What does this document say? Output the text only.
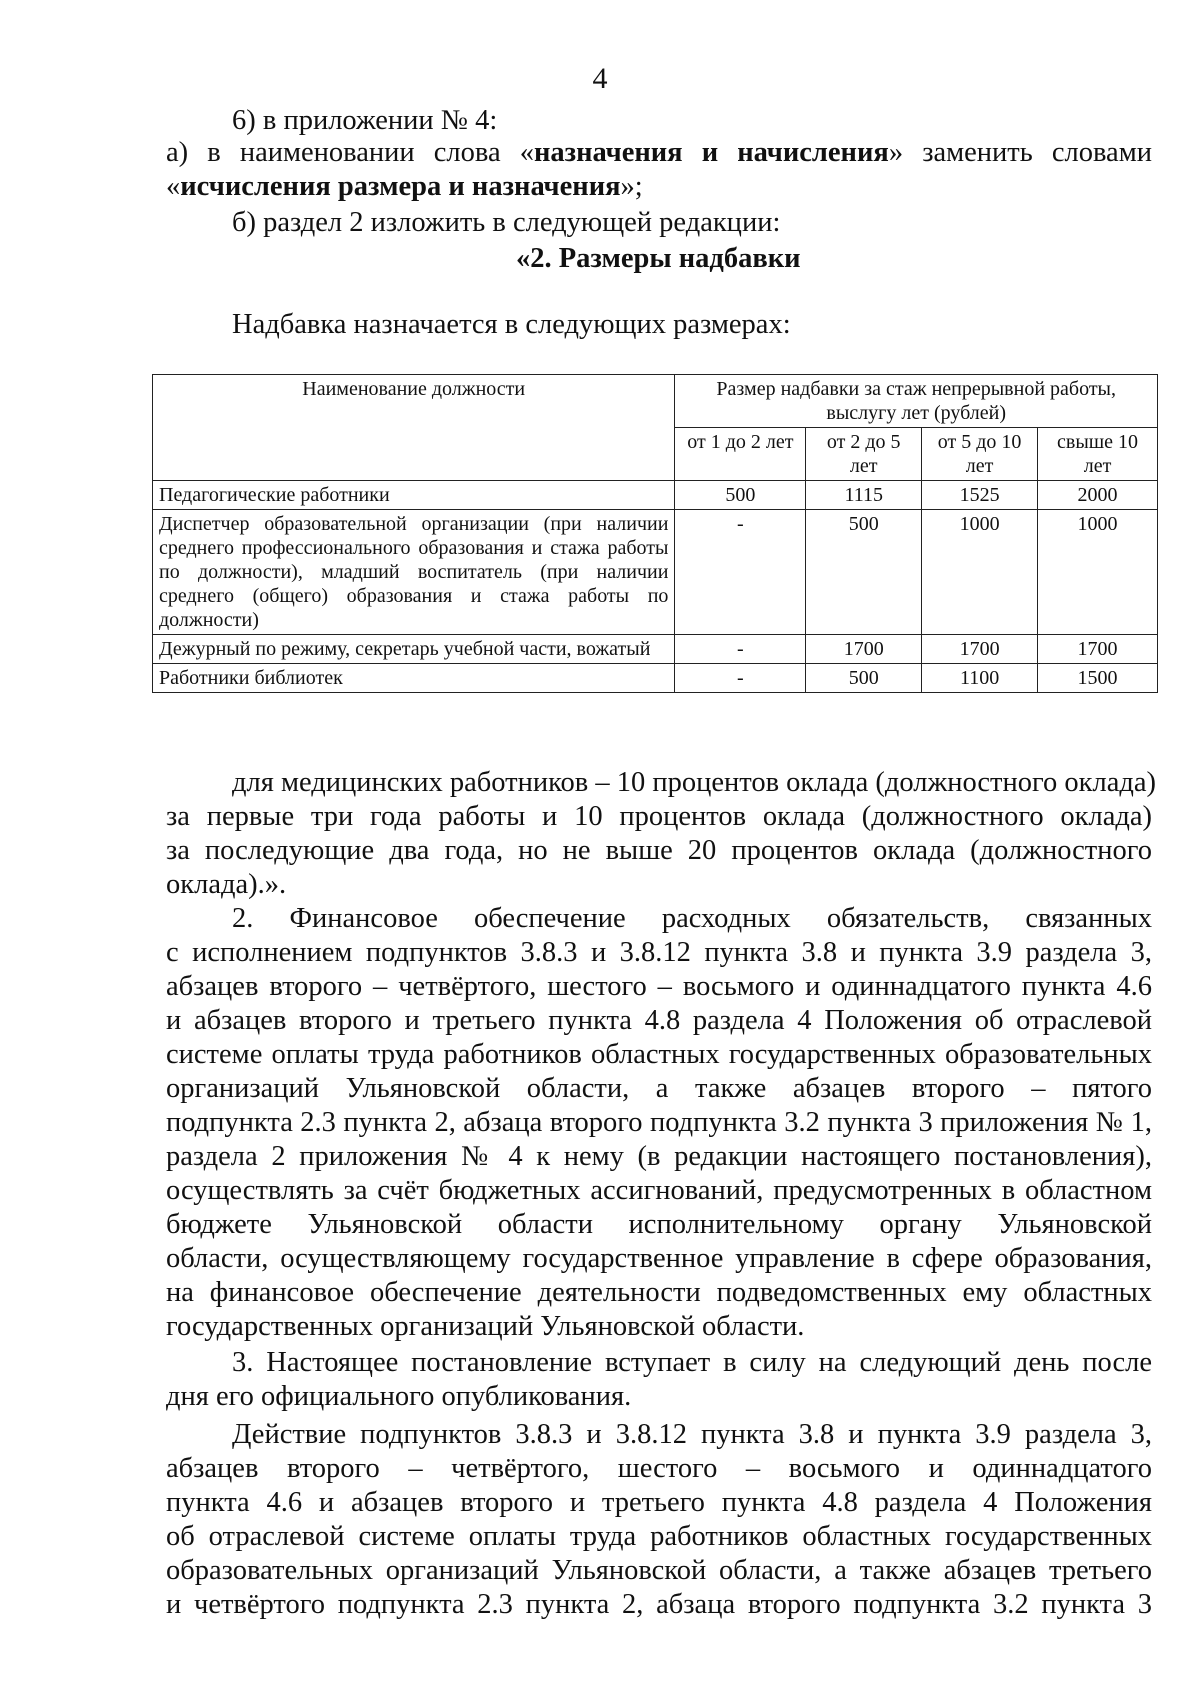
4
6) в приложении № 4:
а) в наименовании слова «назначения и начисления» заменить словами
«исчисления размера и назначения»;
б) раздел 2 изложить в следующей редакции:
«2. Размеры надбавки
Надбавка назначается в следующих размерах:
Наименование должности	Размер надбавки за стаж непрерывной работы, выслугу лет (рублей)			
	от 1 до 2 лет	от 2 до 5 лет	от 5 до 10 лет	свыше 10 лет
Педагогические работники	500	1115	1525	2000
Диспетчер образовательной организации (при наличии среднего профессионального образования и стажа работы по должности), младший воспитатель (при наличии среднего (общего) образования и стажа работы по должности)	-	500	1000	1000
Дежурный по режиму, секретарь учебной части, вожатый	-	1700	1700	1700
Работники библиотек	-	500	1100	1500
для медицинских работников – 10 процентов оклада (должностного оклада)
за первые три года работы и 10 процентов оклада (должностного оклада)
за последующие два года, но не выше 20 процентов оклада (должностного
оклада).».
2. Финансовое обеспечение расходных обязательств, связанных
с исполнением подпунктов 3.8.3 и 3.8.12 пункта 3.8 и пункта 3.9 раздела 3,
абзацев второго – четвёртого, шестого – восьмого и одиннадцатого пункта 4.6
и абзацев второго и третьего пункта 4.8 раздела 4 Положения об отраслевой
системе оплаты труда работников областных государственных образовательных
организаций Ульяновской области, а также абзацев второго – пятого
подпункта 2.3 пункта 2, абзаца второго подпункта 3.2 пункта 3 приложения № 1,
раздела 2 приложения № 4 к нему (в редакции настоящего постановления),
осуществлять за счёт бюджетных ассигнований, предусмотренных в областном
бюджете Ульяновской области исполнительному органу Ульяновской
области, осуществляющему государственное управление в сфере образования,
на финансовое обеспечение деятельности подведомственных ему областных
государственных организаций Ульяновской области.
3. Настоящее постановление вступает в силу на следующий день после
дня его официального опубликования.
Действие подпунктов 3.8.3 и 3.8.12 пункта 3.8 и пункта 3.9 раздела 3,
абзацев второго – четвёртого, шестого – восьмого и одиннадцатого
пункта 4.6 и абзацев второго и третьего пункта 4.8 раздела 4 Положения
об отраслевой системе оплаты труда работников областных государственных
образовательных организаций Ульяновской области, а также абзацев третьего
и четвёртого подпункта 2.3 пункта 2, абзаца второго подпункта 3.2 пункта 3
